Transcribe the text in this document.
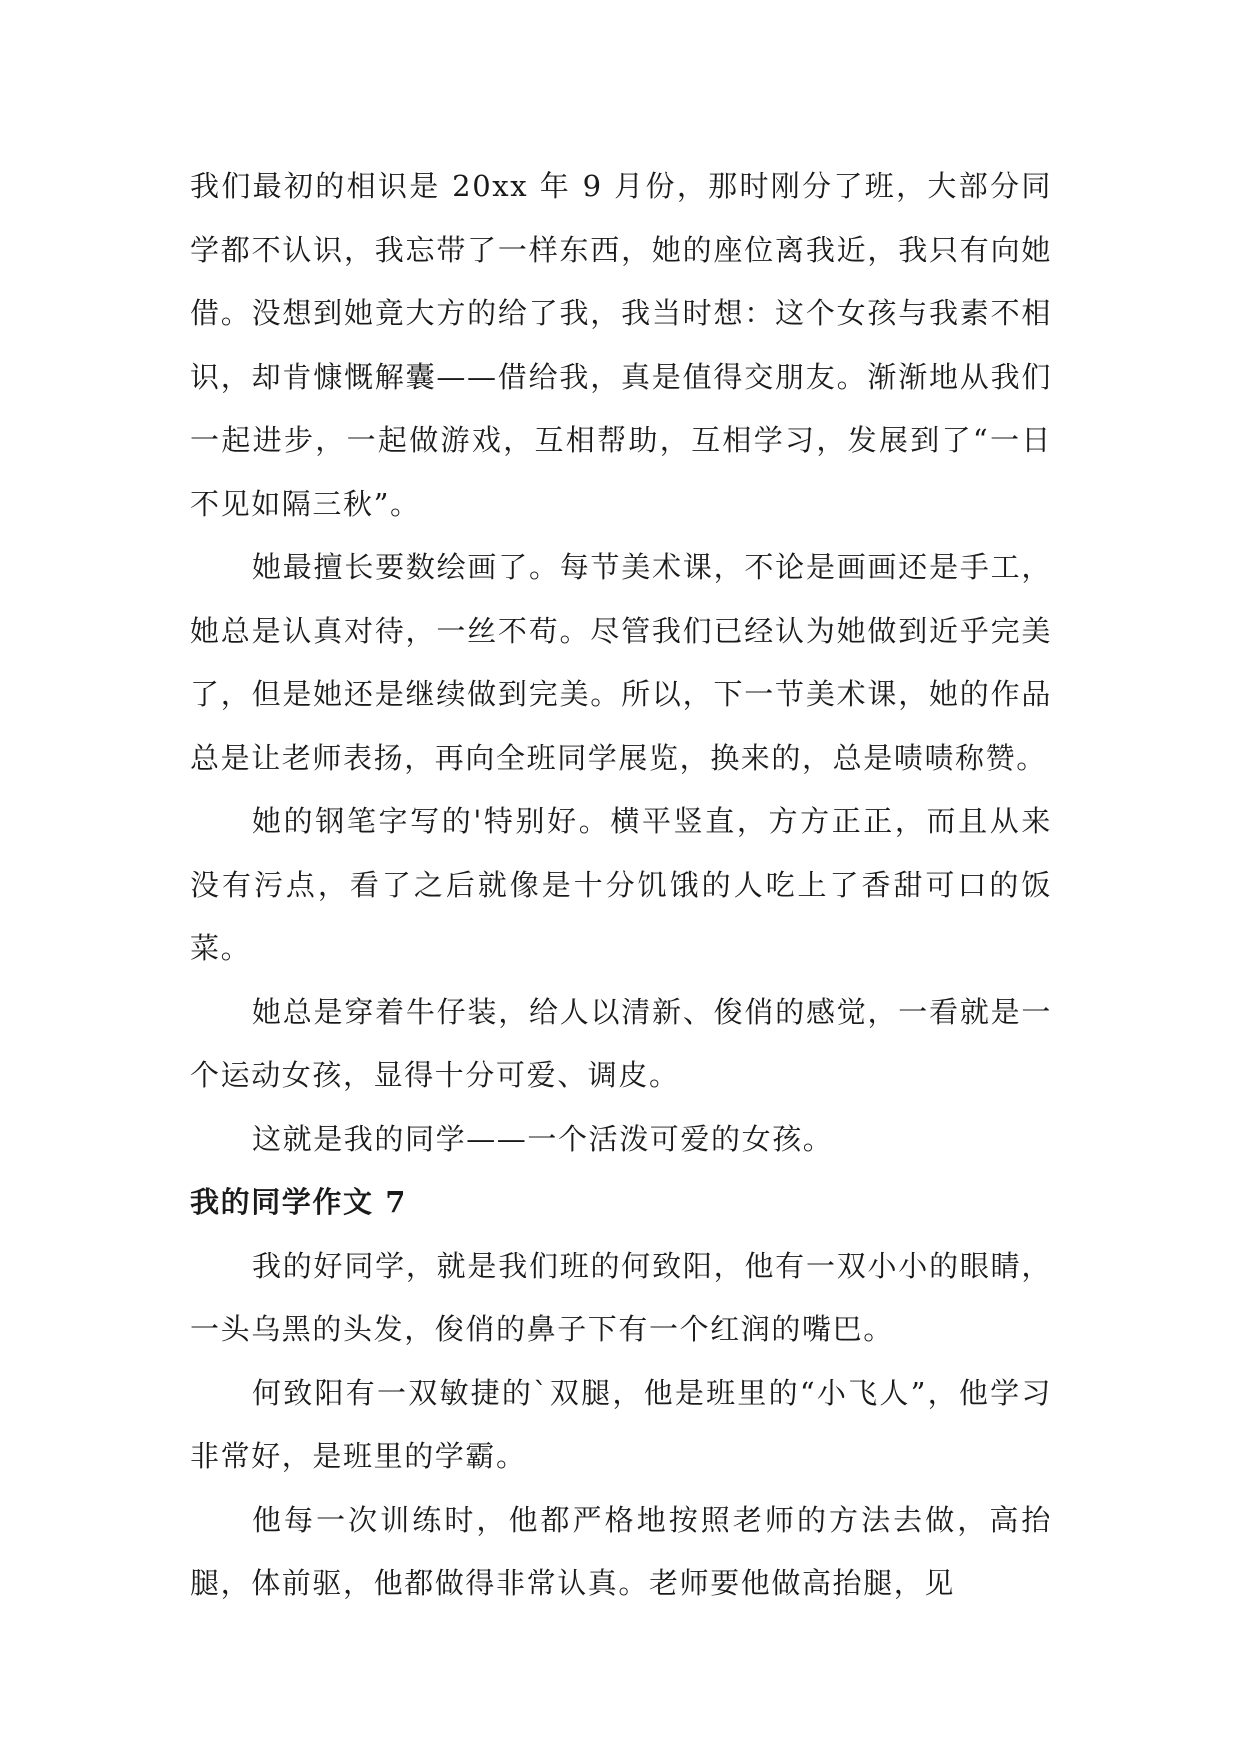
我们最初的相识是 20xx 年 9 月份，那时刚分了班，大部分同学都不认识，我忘带了一样东西，她的座位离我近，我只有向她借。没想到她竟大方的给了我，我当时想：这个女孩与我素不相识，却肯慷慨解囊——借给我，真是值得交朋友。渐渐地从我们一起进步，一起做游戏，互相帮助，互相学习，发展到了“一日不见如隔三秋”。

她最擅长要数绘画了。每节美术课，不论是画画还是手工，她总是认真对待，一丝不苟。尽管我们已经认为她做到近乎完美了，但是她还是继续做到完美。所以，下一节美术课，她的作品总是让老师表扬，再向全班同学展览，换来的，总是啧啧称赞。

她的钢笔字写的'特别好。横平竖直，方方正正，而且从来没有污点，看了之后就像是十分饥饿的人吃上了香甜可口的饭菜。

她总是穿着牛仔装，给人以清新、俊俏的感觉，一看就是一个运动女孩，显得十分可爱、调皮。

这就是我的同学——一个活泼可爱的女孩。

我的同学作文 7

我的好同学，就是我们班的何致阳，他有一双小小的眼睛，一头乌黑的头发，俊俏的鼻子下有一个红润的嘴巴。

何致阳有一双敏捷的`双腿，他是班里的“小飞人”，他学习非常好，是班里的学霸。

他每一次训练时，他都严格地按照老师的方法去做，高抬腿，体前驱，他都做得非常认真。老师要他做高抬腿，见
